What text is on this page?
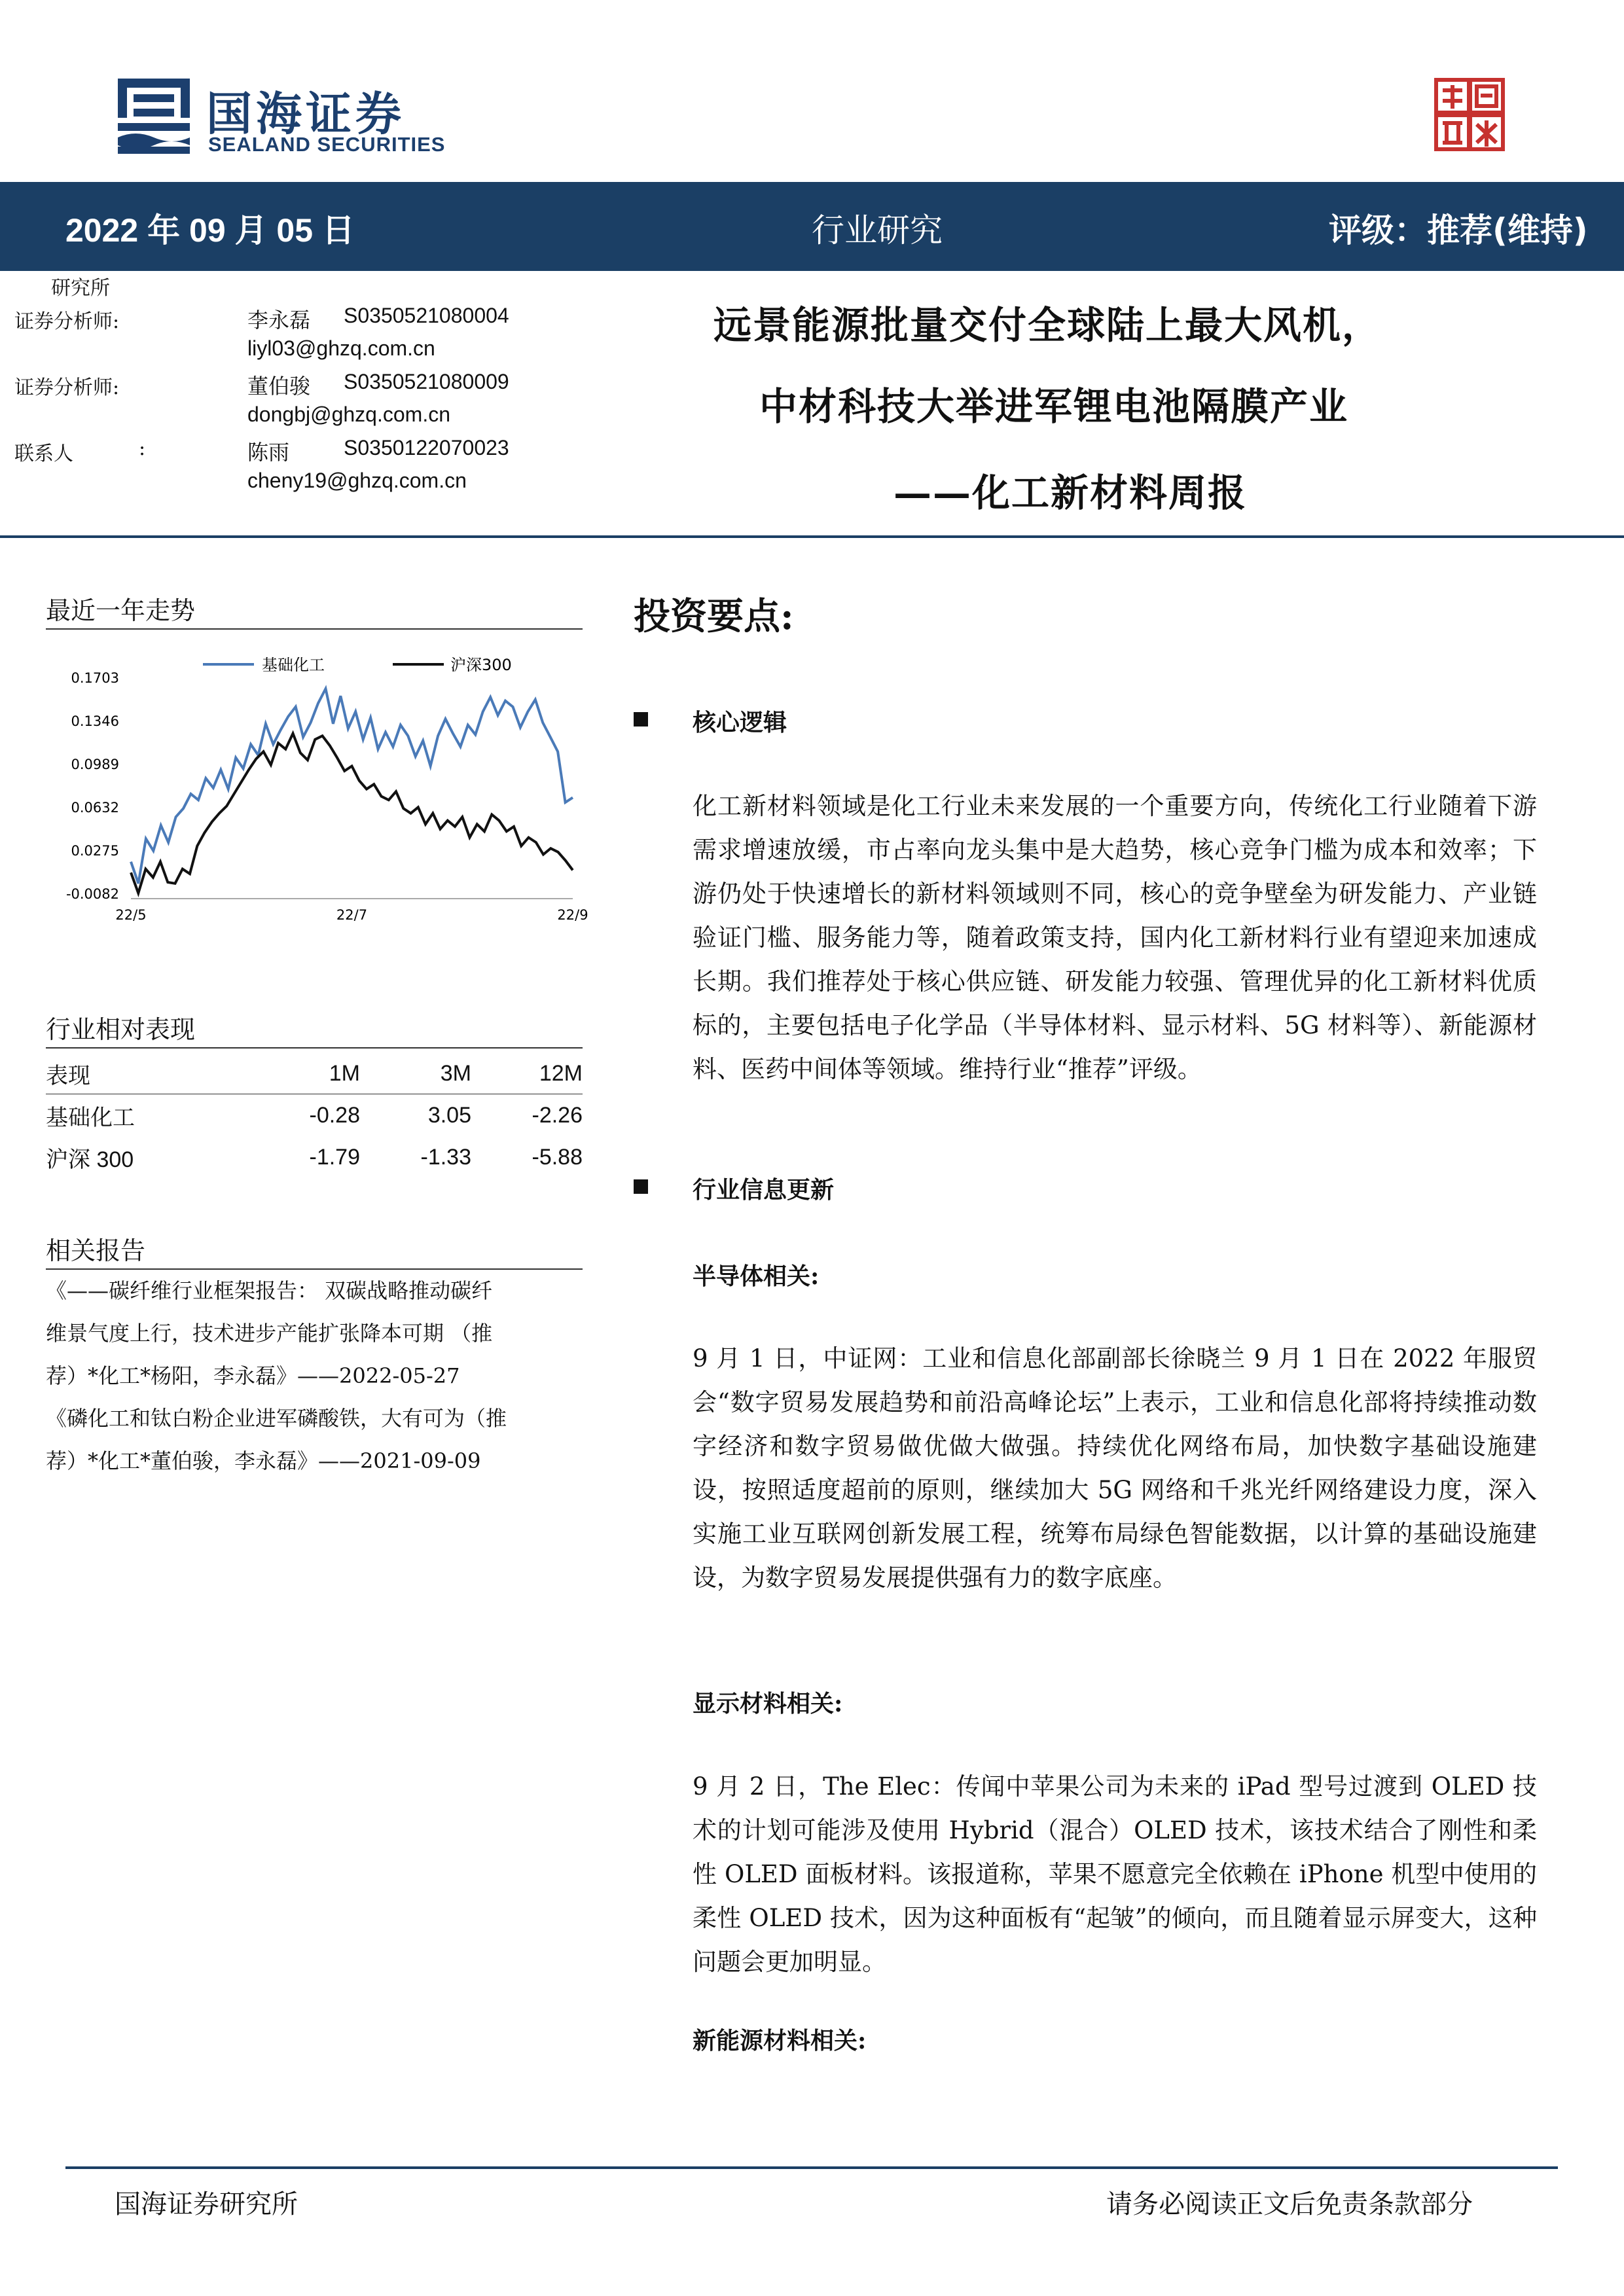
国海证券
SEALAND SECURITIES
2022 年 09 月 05 日	行业研究	评级：推荐(维持)
研究所
证券分析师:	李永磊 S0350521080004
liyl03@ghzq.com.cn
证券分析师:	董伯骏 S0350521080009
dongbj@ghzq.com.cn
联系人	:	陈雨	S0350122070023
cheny19@ghzq.com.cn
远景能源批量交付全球陆上最大风机，
中材科技大举进军锂电池隔膜产业
——化工新材料周报
最近一年走势
基础化工	沪深300
0.1703
0.1346
0.0989
0.0632
0.0275
-0.0082
22/5	22/7	22/9
行业相对表现
表现	1M	3M	12M
基础化工	-0.28	3.05	-2.26
沪深 300	-1.79	-1.33	-5.88
相关报告
《——碳纤维行业框架报告： 双碳战略推动碳纤
维景气度上行，技术进步产能扩张降本可期 （推
荐）*化工*杨阳，李永磊》——2022-05-27
《磷化工和钛白粉企业进军磷酸铁，大有可为（推
荐）*化工*董伯骏，李永磊》——2021-09-09
投资要点:
核心逻辑
化工新材料领域是化工行业未来发展的一个重要方向，传统化工行业随着下游需求增速放缓，市占率向龙头集中是大趋势，核心竞争门槛为成本和效率；下游仍处于快速增长的新材料领域则不同，核心的竞争壁垒为研发能力、产业链验证门槛、服务能力等，随着政策支持，国内化工新材料行业有望迎来加速成长期。我们推荐处于核心供应链、研发能力较强、管理优异的化工新材料优质标的，主要包括电子化学品（半导体材料、显示材料、5G 材料等）、新能源材料、医药中间体等领域。维持行业“推荐”评级。
行业信息更新
半导体相关:
9 月 1 日，中证网：工业和信息化部副部长徐晓兰 9 月 1 日在 2022 年服贸会“数字贸易发展趋势和前沿高峰论坛”上表示，工业和信息化部将持续推动数字经济和数字贸易做优做大做强。持续优化网络布局，加快数字基础设施建设，按照适度超前的原则，继续加大 5G 网络和千兆光纤网络建设力度，深入实施工业互联网创新发展工程，统筹布局绿色智能数据，以计算的基础设施建设，为数字贸易发展提供强有力的数字底座。
显示材料相关:
9 月 2 日，The Elec：传闻中苹果公司为未来的 iPad 型号过渡到 OLED 技术的计划可能涉及使用 Hybrid（混合）OLED 技术，该技术结合了刚性和柔性 OLED 面板材料。该报道称，苹果不愿意完全依赖在 iPhone 机型中使用的柔性 OLED 技术，因为这种面板有“起皱”的倾向，而且随着显示屏变大，这种问题会更加明显。
新能源材料相关:
国海证券研究所	请务必阅读正文后免责条款部分
